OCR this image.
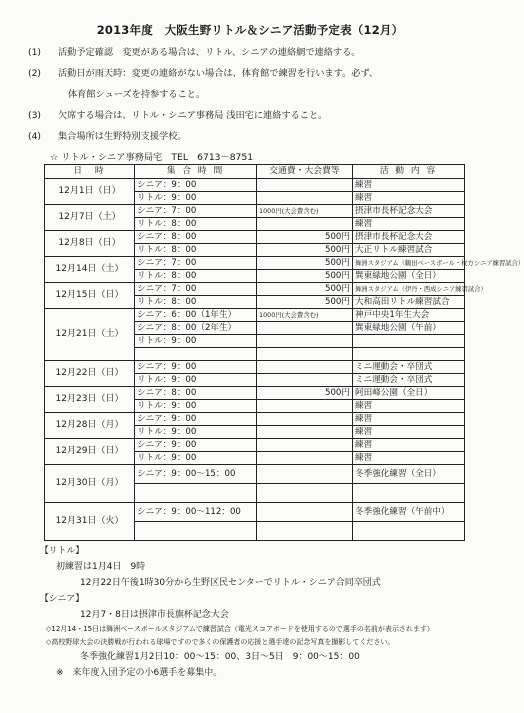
2013年度　大阪生野リトル＆シニア活動予定表（12月）
(1) 活動予定確認　変更がある場合は、リトル、シニアの連絡網で連絡する。
(2) 活動日が雨天時：変更の連絡がない場合は、体育館で練習を行います。必ず、
体育館シューズを持参すること。
(3) 欠席する場合は、リトル・シニア事務局 浅田宅に連絡すること。
(4) 集合場所は生野特別支援学校。
☆ リトル・シニア事務局宅　TEL　6713－8751
日　時	集 合 時 間	交通費・大会費等	活 動 内 容
12月1日（日）	シニア：9：00		練習
	リトル：9：00		練習
12月7日（土）	シニア：7：00	1000円(大会費含む)	摂津市長杯記念大会
	リトル：8：00		練習
12月8日（日）	シニア：8：00	500円	摂津市長杯記念大会
	リトル：8：00	500円	大正リトル練習試合
12月14日（土）	シニア：7：00	500円	舞洲スタジアム（鶴田ベースボール・枚方シニア練習試合）
	リトル：8：00	500円	巽東緑地公園（全日）
12月15日（日）	シニア：7：00	500円	舞洲スタジアム（伊丹・西成シニア練習試合）
	リトル：8：00	500円	大和高田リトル練習試合
12月21日（土）	シニア：6：00（1年生）	1000円(大会費含む)	神戸中央1年生大会
	シニア：8：00（2年生）		巽東緑地公園（午前）
	リトル：9：00		

12月22日（日）	シニア：9：00		ミニ運動会・卒団式
	リトル：9：00		ミニ運動会・卒団式
12月23日（日）	シニア：8：00	500円	阿田峰公園（全日）
	リトル：9：00		練習
12月28日（月）	シニア：9：00		練習
	リトル：9：00		練習
12月29日（日）	シニア：9：00		練習
	リトル：9：00		練習
12月30日（月）	シニア：9：00～15：00		冬季強化練習（全日）

12月31日（火）	シニア：9：00～112：00		冬季強化練習（午前中）

【リトル】
初練習は1月4日　9時
12月22日午後1時30分から生野区民センターでリトル・シニア合同卒団式
【シニア】
12月7・8日は摂津市長旗杯記念大会
◇12月14・15日は舞洲ベースボールスタジアムで練習試合（電光スコアボードを使用するので選手の名前が表示されます）
◇高校野球大会の決勝戦が行われる球場ですので多くの保護者の応援と選手達の記念写真を撮影してください。
冬季強化練習1月2日10：00～15：00、3日～5日　9：00～15：00
※　来年度入団予定の小6選手を募集中。
